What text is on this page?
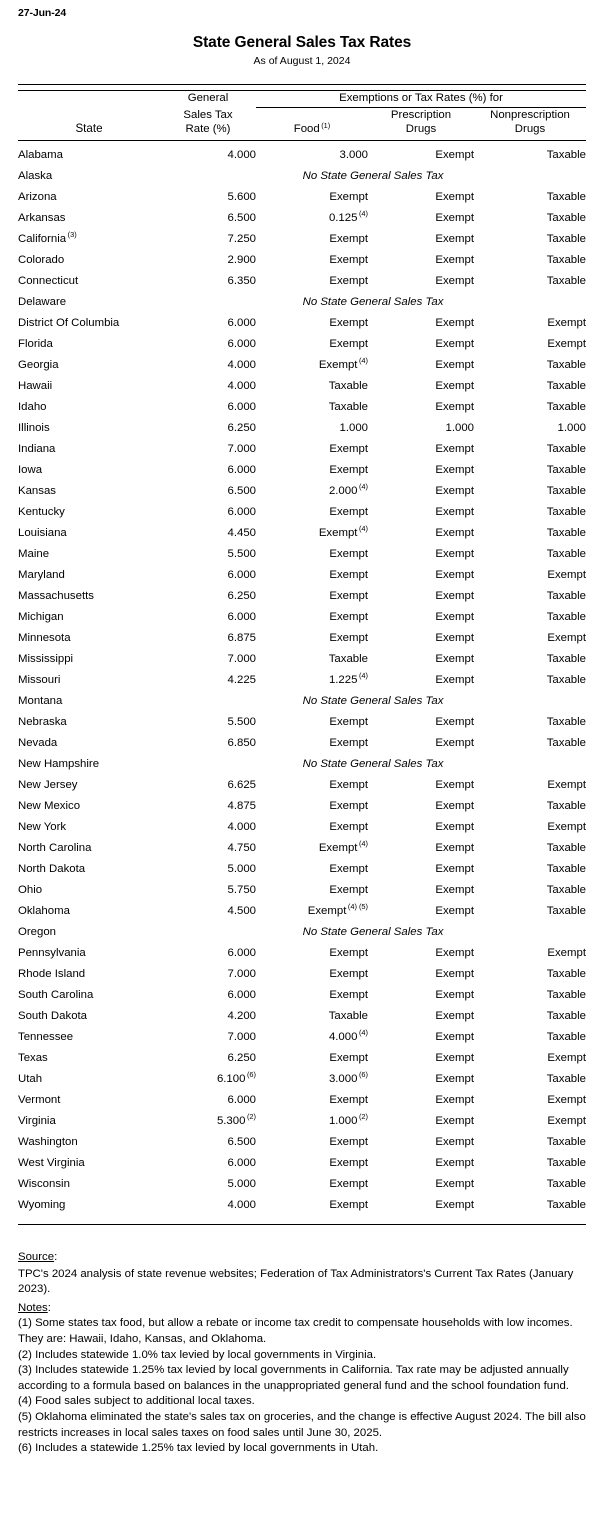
27-Jun-24
State General Sales Tax Rates
As of August 1, 2024

	General	Exemptions or Tax Rates (%) for		

State	Sales Tax	Food $^{(1)}$	Prescription	Nonprescription
	Rate (%)		Drugs	Drugs

Alabama	4.000	3.000	Exempt	Taxable
Alaska	No State General Sales Tax			
Arizona	5.600	Exempt	Exempt	Taxable
Arkansas	6.500	0.125 $^{(4)}$	Exempt	Taxable
California $^{(3)}$	7.250	Exempt	Exempt	Taxable
Colorado	2.900	Exempt	Exempt	Taxable
Connecticut	6.350	Exempt	Exempt	Taxable
Delaware	No State General Sales Tax			
District Of Columbia	6.000	Exempt	Exempt	Exempt
Florida	6.000	Exempt	Exempt	Exempt
Georgia	4.000	Exempt $^{(4)}$	Exempt	Taxable
Hawaii	4.000	Taxable	Exempt	Taxable
Idaho	6.000	Taxable	Exempt	Taxable
Illinois	6.250	1.000	1.000	1.000
Indiana	7.000	Exempt	Exempt	Taxable
Iowa	6.000	Exempt	Exempt	Taxable
Kansas	6.500	2.000 $^{(4)}$	Exempt	Taxable
Kentucky	6.000	Exempt	Exempt	Taxable
Louisiana	4.450	Exempt $^{(4)}$	Exempt	Taxable
Maine	5.500	Exempt	Exempt	Taxable
Maryland	6.000	Exempt	Exempt	Exempt
Massachusetts	6.250	Exempt	Exempt	Taxable
Michigan	6.000	Exempt	Exempt	Taxable
Minnesota	6.875	Exempt	Exempt	Exempt
Mississippi	7.000	Taxable	Exempt	Taxable
Missouri	4.225	1.225 $^{(4)}$	Exempt	Taxable
Montana	No State General Sales Tax			
Nebraska	5.500	Exempt	Exempt	Taxable
Nevada	6.850	Exempt	Exempt	Taxable
New Hampshire	No State General Sales Tax			
New Jersey	6.625	Exempt	Exempt	Exempt
New Mexico	4.875	Exempt	Exempt	Taxable
New York	4.000	Exempt	Exempt	Exempt
North Carolina	4.750	Exempt $^{(4)}$	Exempt	Taxable
North Dakota	5.000	Exempt	Exempt	Taxable
Ohio	5.750	Exempt	Exempt	Taxable
Oklahoma	4.500	Exempt $^{(4) (5)}$	Exempt	Taxable
Oregon	No State General Sales Tax			
Pennsylvania	6.000	Exempt	Exempt	Exempt
Rhode Island	7.000	Exempt	Exempt	Taxable
South Carolina	6.000	Exempt	Exempt	Taxable
South Dakota	4.200	Taxable	Exempt	Taxable
Tennessee	7.000	4.000 $^{(4)}$	Exempt	Taxable
Texas	6.250	Exempt	Exempt	Exempt
Utah	6.100 $^{(6)}$	3.000 $^{(6)}$	Exempt	Taxable
Vermont	6.000	Exempt	Exempt	Exempt
Virginia	5.300 $^{(2)}$	1.000 $^{(2)}$	Exempt	Exempt
Washington	6.500	Exempt	Exempt	Taxable
West Virginia	6.000	Exempt	Exempt	Taxable
Wisconsin	5.000	Exempt	Exempt	Taxable
Wyoming	4.000	Exempt	Exempt	Taxable

Source:

TPC's 2024 analysis of state revenue websites; Federation of Tax Administrators's Current Tax Rates (January 2023).

Notes:

(1) Some states tax food, but allow a rebate or income tax credit to compensate households with low incomes. They are: Hawaii, Idaho, Kansas, and Oklahoma.

(2) Includes statewide 1.0% tax levied by local governments in Virginia.

(3) Includes statewide 1.25% tax levied by local governments in California. Tax rate may be adjusted annually according to a formula based on balances in the unappropriated general fund and the school foundation fund.

(4) Food sales subject to additional local taxes.

(5) Oklahoma eliminated the state's sales tax on groceries, and the change is effective August 2024. The bill also restricts increases in local sales taxes on food sales until June 30, 2025.

(6) Includes a statewide 1.25% tax levied by local governments in Utah.
